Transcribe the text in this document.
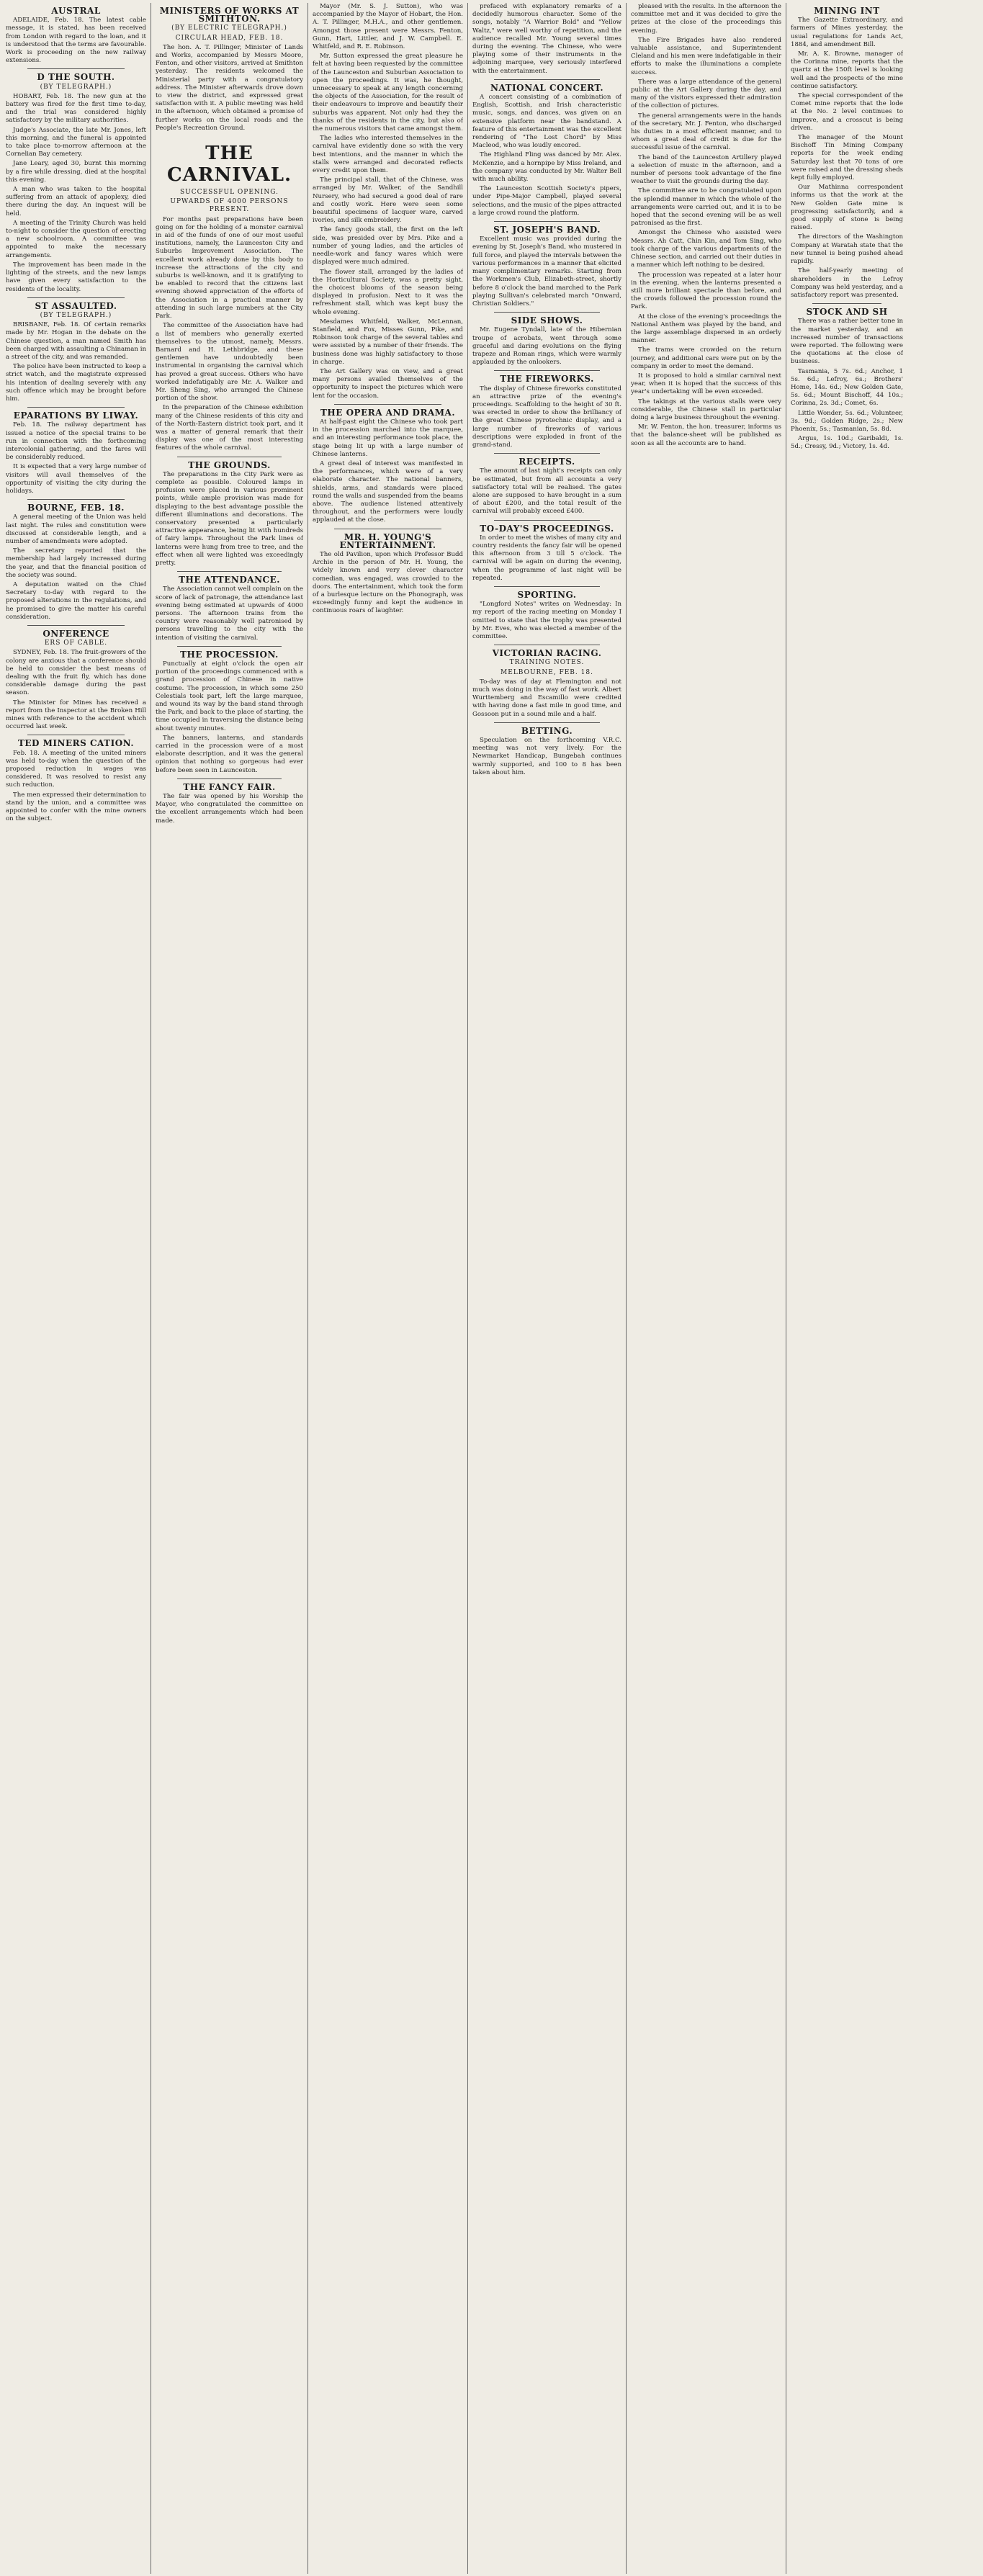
AUSTRAL

ADELAIDE, Feb. 18. The latest cable message, it is stated, has been received from London with regard to the loan, and it is understood that the terms are favourable. Work is proceeding on the new railway extensions.

D THE SOUTH.
(BY TELEGRAPH.)

HOBART, Feb. 18. The new gun at the battery was fired for the first time to-day, and the trial was considered highly satisfactory by the military authorities.

Judge's Associate, the late Mr. Jones, left this morning, and the funeral is appointed to take place to-morrow afternoon at the Cornelian Bay cemetery.

Jane Leary, aged 30, burnt this morning by a fire while dressing, died at the hospital this evening.

A man who was taken to the hospital suffering from an attack of apoplexy, died there during the day. An inquest will be held.

A meeting of the Trinity Church was held to-night to consider the question of erecting a new schoolroom. A committee was appointed to make the necessary arrangements.

The improvement has been made in the lighting of the streets, and the new lamps have given every satisfaction to the residents of the locality.

ST ASSAULTED.
(BY TELEGRAPH.)

BRISBANE, Feb. 18. Of certain remarks made by Mr. Hogan in the debate on the Chinese question, a man named Smith has been charged with assaulting a Chinaman in a street of the city, and was remanded.

The police have been instructed to keep a strict watch, and the magistrate expressed his intention of dealing severely with any such offence which may be brought before him.

EPARATIONS BY LIWAY.

Feb. 18. The railway department has issued a notice of the special trains to be run in connection with the forthcoming intercolonial gathering, and the fares will be considerably reduced.

It is expected that a very large number of visitors will avail themselves of the opportunity of visiting the city during the holidays.

BOURNE, FEB. 18.

A general meeting of the Union was held last night. The rules and constitution were discussed at considerable length, and a number of amendments were adopted.

The secretary reported that the membership had largely increased during the year, and that the financial position of the society was sound.

A deputation waited on the Chief Secretary to-day with regard to the proposed alterations in the regulations, and he promised to give the matter his careful consideration.

ONFERENCE
ERS OF CABLE.

SYDNEY, Feb. 18. The fruit-growers of the colony are anxious that a conference should be held to consider the best means of dealing with the fruit fly, which has done considerable damage during the past season.

The Minister for Mines has received a report from the Inspector at the Broken Hill mines with reference to the accident which occurred last week.

TED MINERS CATION.

Feb. 18. A meeting of the united miners was held to-day when the question of the proposed reduction in wages was considered. It was resolved to resist any such reduction.

The men expressed their determination to stand by the union, and a committee was appointed to confer with the mine owners on the subject.

MINISTERS OF WORKS AT SMITHTON.
(BY ELECTRIC TELEGRAPH.)
CIRCULAR HEAD, FEB. 18.

The hon. A. T. Pillinger, Minister of Lands and Works, accompanied by Messrs Moore, Fenton, and other visitors, arrived at Smithton yesterday. The residents welcomed the Ministerial party with a congratulatory address. The Minister afterwards drove down to view the district, and expressed great satisfaction with it. A public meeting was held in the afternoon, which obtained a promise of further works on the local roads and the People's Recreation Ground.

THE CARNIVAL.
SUCCESSFUL OPENING.
UPWARDS OF 4000 PERSONS PRESENT.

For months past preparations have been going on for the holding of a monster carnival in aid of the funds of one of our most useful institutions, namely, the Launceston City and Suburbs Improvement Association. The excellent work already done by this body to increase the attractions of the city and suburbs is well-known, and it is gratifying to be enabled to record that the citizens last evening showed appreciation of the efforts of the Association in a practical manner by attending in such large numbers at the City Park.

The committee of the Association have had a list of members who generally exerted themselves to the utmost, namely, Messrs. Barnard and H. Lethbridge, and these gentlemen have undoubtedly been instrumental in organising the carnival which has proved a great success. Others who have worked indefatigably are Mr. A. Walker and Mr. Sheng Sing, who arranged the Chinese portion of the show.

In the preparation of the Chinese exhibition many of the Chinese residents of this city and of the North-Eastern district took part, and it was a matter of general remark that their display was one of the most interesting features of the whole carnival.

THE GROUNDS.

The preparations in the City Park were as complete as possible. Coloured lamps in profusion were placed in various prominent points, while ample provision was made for displaying to the best advantage possible the different illuminations and decorations. The conservatory presented a particularly attractive appearance, being lit with hundreds of fairy lamps. Throughout the Park lines of lanterns were hung from tree to tree, and the effect when all were lighted was exceedingly pretty.

THE ATTENDANCE.

The Association cannot well complain on the score of lack of patronage, the attendance last evening being estimated at upwards of 4000 persons. The afternoon trains from the country were reasonably well patronised by persons travelling to the city with the intention of visiting the carnival.

THE PROCESSION.

Punctually at eight o'clock the open air portion of the proceedings commenced with a grand procession of Chinese in native costume. The procession, in which some 250 Celestials took part, left the large marquee, and wound its way by the band stand through the Park, and back to the place of starting, the time occupied in traversing the distance being about twenty minutes.

The banners, lanterns, and standards carried in the procession were of a most elaborate description, and it was the general opinion that nothing so gorgeous had ever before been seen in Launceston.

THE FANCY FAIR.

The fair was opened by his Worship the Mayor, who congratulated the committee on the excellent arrangements which had been made.

Mayor (Mr. S. J. Sutton), who was accompanied by the Mayor of Hobart, the Hon. A. T. Pillinger, M.H.A., and other gentlemen. Amongst those present were Messrs. Fenton, Gunn, Hart, Littler, and J. W. Campbell. E. Whitfeld, and R. E. Robinson.

Mr. Sutton expressed the great pleasure he felt at having been requested by the committee of the Launceston and Suburban Association to open the proceedings. It was, he thought, unnecessary to speak at any length concerning the objects of the Association, for the result of their endeavours to improve and beautify their suburbs was apparent. Not only had they the thanks of the residents in the city, but also of the numerous visitors that came amongst them.

The ladies who interested themselves in the carnival have evidently done so with the very best intentions, and the manner in which the stalls were arranged and decorated reflects every credit upon them.

The principal stall, that of the Chinese, was arranged by Mr. Walker, of the Sandhill Nursery, who had secured a good deal of rare and costly work. Here were seen some beautiful specimens of lacquer ware, carved ivories, and silk embroidery.

The fancy goods stall, the first on the left side, was presided over by Mrs. Pike and a number of young ladies, and the articles of needle-work and fancy wares which were displayed were much admired.

The flower stall, arranged by the ladies of the Horticultural Society, was a pretty sight, the choicest blooms of the season being displayed in profusion. Next to it was the refreshment stall, which was kept busy the whole evening.

Mesdames Whitfeld, Walker, McLennan, Stanfield, and Fox, Misses Gunn, Pike, and Robinson took charge of the several tables and were assisted by a number of their friends. The business done was highly satisfactory to those in charge.

The Art Gallery was on view, and a great many persons availed themselves of the opportunity to inspect the pictures which were lent for the occasion.

THE OPERA AND DRAMA.

At half-past eight the Chinese who took part in the procession marched into the marquee, and an interesting performance took place, the stage being lit up with a large number of Chinese lanterns.

A great deal of interest was manifested in the performances, which were of a very elaborate character. The national banners, shields, arms, and standards were placed round the walls and suspended from the beams above. The audience listened attentively throughout, and the performers were loudly applauded at the close.

MR. H. YOUNG'S ENTERTAINMENT.

The old Pavilion, upon which Professor Budd Archie in the person of Mr. H. Young, the widely known and very clever character comedian, was engaged, was crowded to the doors. The entertainment, which took the form of a burlesque lecture on the Phonograph, was exceedingly funny and kept the audience in continuous roars of laughter.

prefaced with explanatory remarks of a decidedly humorous character. Some of the songs, notably "A Warrior Bold" and "Yellow Waltz," were well worthy of repetition, and the audience recalled Mr. Young several times during the evening. The Chinese, who were playing some of their instruments in the adjoining marquee, very seriously interfered with the entertainment.

NATIONAL CONCERT.

A concert consisting of a combination of English, Scottish, and Irish characteristic music, songs, and dances, was given on an extensive platform near the bandstand. A feature of this entertainment was the excellent rendering of "The Lost Chord" by Miss Macleod, who was loudly encored.

The Highland Fling was danced by Mr. Alex. McKenzie, and a hornpipe by Miss Ireland, and the company was conducted by Mr. Walter Bell with much ability.

The Launceston Scottish Society's pipers, under Pipe-Major Campbell, played several selections, and the music of the pipes attracted a large crowd round the platform.

ST. JOSEPH'S BAND.

Excellent music was provided during the evening by St. Joseph's Band, who mustered in full force, and played the intervals between the various performances in a manner that elicited many complimentary remarks. Starting from the Workmen's Club, Elizabeth-street, shortly before 8 o'clock the band marched to the Park playing Sullivan's celebrated march "Onward, Christian Soldiers."

SIDE SHOWS.

Mr. Eugene Tyndall, late of the Hibernian troupe of acrobats, went through some graceful and daring evolutions on the flying trapeze and Roman rings, which were warmly applauded by the onlookers.

THE FIREWORKS.

The display of Chinese fireworks constituted an attractive prize of the evening's proceedings. Scaffolding to the height of 30 ft. was erected in order to show the brilliancy of the great Chinese pyrotechnic display, and a large number of fireworks of various descriptions were exploded in front of the grand-stand.

RECEIPTS.

The amount of last night's receipts can only be estimated, but from all accounts a very satisfactory total will be realised. The gates alone are supposed to have brought in a sum of about £200, and the total result of the carnival will probably exceed £400.

TO-DAY'S PROCEEDINGS.

In order to meet the wishes of many city and country residents the fancy fair will be opened this afternoon from 3 till 5 o'clock. The carnival will be again on during the evening, when the programme of last night will be repeated.

SPORTING.

"Longford Notes" writes on Wednesday: In my report of the racing meeting on Monday I omitted to state that the trophy was presented by Mr. Eves, who was elected a member of the committee.

VICTORIAN RACING.
TRAINING NOTES.
MELBOURNE, FEB. 18.

To-day was of day at Flemington and not much was doing in the way of fast work. Albert Wurttemberg and Escamillo were credited with having done a fast mile in good time, and Gossoon put in a sound mile and a half.

BETTING.

Speculation on the forthcoming V.R.C. meeting was not very lively. For the Newmarket Handicap, Bungebah continues warmly supported, and 100 to 8 has been taken about him.

pleased with the results. In the afternoon the committee met and it was decided to give the prizes at the close of the proceedings this evening.

The Fire Brigades have also rendered valuable assistance, and Superintendent Cleland and his men were indefatigable in their efforts to make the illuminations a complete success.

There was a large attendance of the general public at the Art Gallery during the day, and many of the visitors expressed their admiration of the collection of pictures.

The general arrangements were in the hands of the secretary, Mr. J. Fenton, who discharged his duties in a most efficient manner, and to whom a great deal of credit is due for the successful issue of the carnival.

The band of the Launceston Artillery played a selection of music in the afternoon, and a number of persons took advantage of the fine weather to visit the grounds during the day.

The committee are to be congratulated upon the splendid manner in which the whole of the arrangements were carried out, and it is to be hoped that the second evening will be as well patronised as the first.

Amongst the Chinese who assisted were Messrs. Ah Catt, Chin Kin, and Tom Sing, who took charge of the various departments of the Chinese section, and carried out their duties in a manner which left nothing to be desired.

The procession was repeated at a later hour in the evening, when the lanterns presented a still more brilliant spectacle than before, and the crowds followed the procession round the Park.

At the close of the evening's proceedings the National Anthem was played by the band, and the large assemblage dispersed in an orderly manner.

The trams were crowded on the return journey, and additional cars were put on by the company in order to meet the demand.

It is proposed to hold a similar carnival next year, when it is hoped that the success of this year's undertaking will be even exceeded.

The takings at the various stalls were very considerable, the Chinese stall in particular doing a large business throughout the evening.

Mr. W. Fenton, the hon. treasurer, informs us that the balance-sheet will be published as soon as all the accounts are to hand.

MINING INT

The Gazette Extraordinary, and farmers of Mines yesterday, the usual regulations for Lands Act, 1884, and amendment Bill.

Mr. A. K. Browne, manager of the Corinna mine, reports that the quartz at the 150ft level is looking well and the prospects of the mine continue satisfactory.

The special correspondent of the Comet mine reports that the lode at the No. 2 level continues to improve, and a crosscut is being driven.

The manager of the Mount Bischoff Tin Mining Company reports for the week ending Saturday last that 70 tons of ore were raised and the dressing sheds kept fully employed.

Our Mathinna correspondent informs us that the work at the New Golden Gate mine is progressing satisfactorily, and a good supply of stone is being raised.

The directors of the Washington Company at Waratah state that the new tunnel is being pushed ahead rapidly.

The half-yearly meeting of shareholders in the Lefroy Company was held yesterday, and a satisfactory report was presented.

STOCK AND SH

There was a rather better tone in the market yesterday, and an increased number of transactions were reported. The following were the quotations at the close of business.

Tasmania, 5 7s. 6d.; Anchor, 1 5s. 6d.; Lefroy, 6s.; Brothers' Home, 14s. 6d.; New Golden Gate, 5s. 6d.; Mount Bischoff, 44 10s.; Corinna, 2s. 3d.; Comet, 6s.

Little Wonder, 5s. 6d.; Volunteer, 3s. 9d.; Golden Ridge, 2s.; New Phoenix, 5s.; Tasmanian, 5s. 8d.

Argus, 1s. 10d.; Garibaldi, 1s. 5d.; Cressy, 9d.; Victory, 1s. 4d.
